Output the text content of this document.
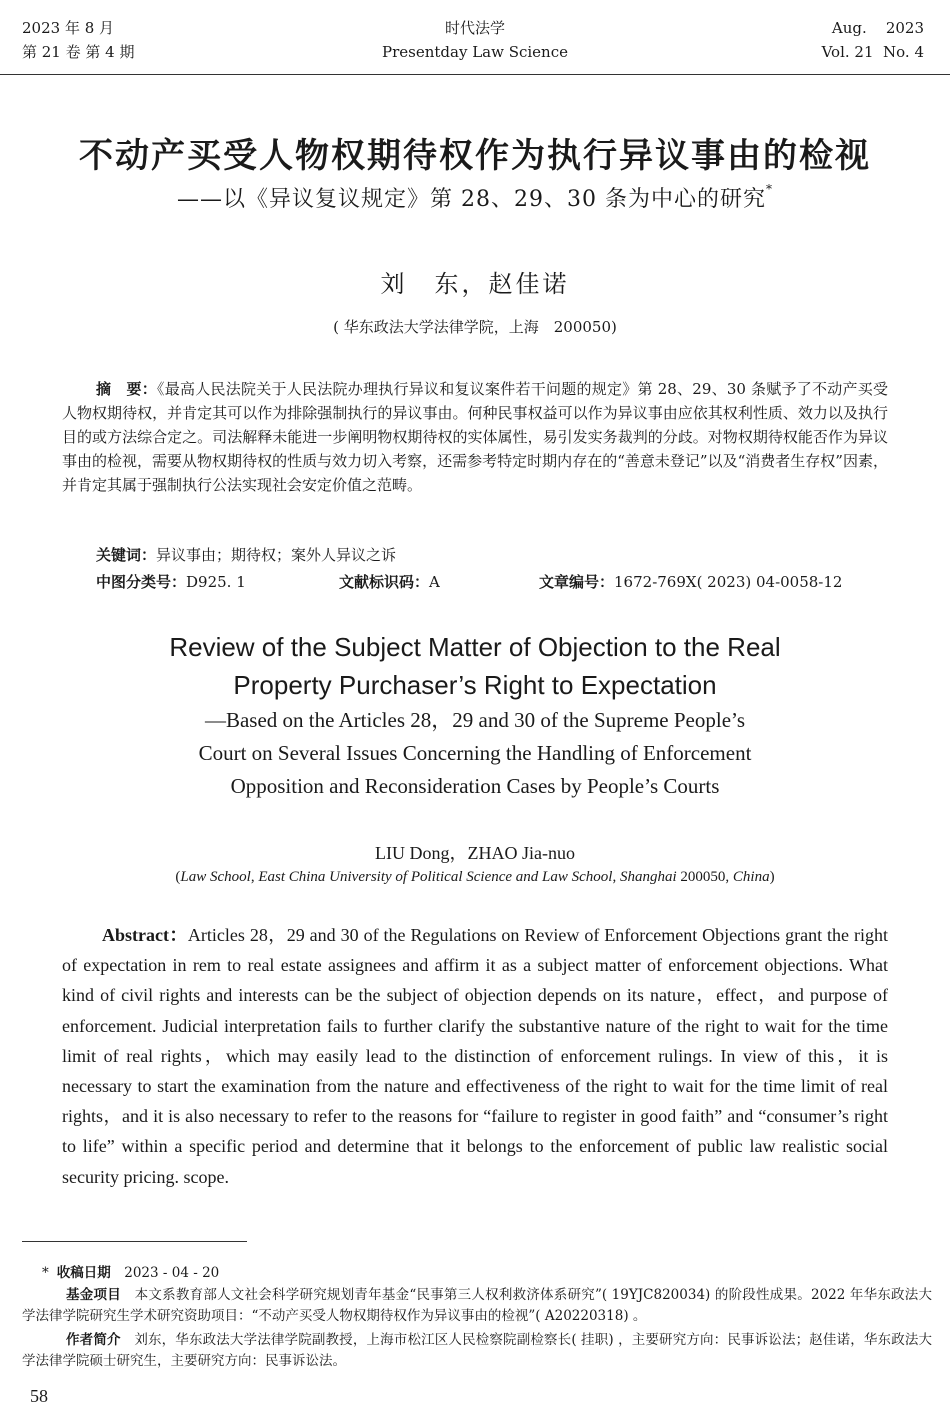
2023 年 8 月
第 21 卷 第 4 期
时代法学
Presentday Law Science
Aug.    2023
Vol. 21  No. 4
不动产买受人物权期待权作为执行异议事由的检视
——以《异议复议规定》第 28、29、30 条为中心的研究*
刘　东，赵佳诺
( 华东政法大学法律学院，上海　200050)
摘　要：《最高人民法院关于人民法院办理执行异议和复议案件若干问题的规定》第 28、29、30 条赋予了不动产买受人物权期待权，并肯定其可以作为排除强制执行的异议事由。何种民事权益可以作为异议事由应依其权利性质、效力以及执行目的或方法综合定之。司法解释未能进一步阐明物权期待权的实体属性，易引发实务裁判的分歧。对物权期待权能否作为异议事由的检视，需要从物权期待权的性质与效力切入考察，还需参考特定时期内存在的“善意未登记”以及“消费者生存权”因素，并肯定其属于强制执行公法实现社会安定价值之范畴。
关键词：异议事由；期待权；案外人异议之诉
中图分类号：D925. 1	文献标识码：A	文章编号：1672-769X( 2023) 04-0058-12
Review of the Subject Matter of Objection to the Real
Property Purchaser’s Right to Expectation
—Based on the Articles 28，29 and 30 of the Supreme People’s
Court on Several Issues Concerning the Handling of Enforcement
Opposition and Reconsideration Cases by People’s Courts
LIU Dong，ZHAO Jia-nuo
(Law School, East China University of Political Science and Law School, Shanghai 200050, China)
Abstract：Articles 28，29 and 30 of the Regulations on Review of Enforcement Objections grant the right of expectation in rem to real estate assignees and affirm it as a subject matter of enforcement objections. What kind of civil rights and interests can be the subject of objection depends on its nature，effect，and purpose of enforcement. Judicial interpretation fails to further clarify the substantive nature of the right to wait for the time limit of real rights，which may easily lead to the distinction of enforcement rulings. In view of this，it is necessary to start the examination from the nature and effectiveness of the right to wait for the time limit of real rights，and it is also necessary to refer to the reasons for “failure to register in good faith” and “consumer’s right to life” within a specific period and determine that it belongs to the enforcement of public law realistic social security pricing. scope.
* 收稿日期　 2023 - 04 - 20
基金项目　 本文系教育部人文社会科学研究规划青年基金“民事第三人权利救济体系研究”( 19YJC820034) 的阶段性成果。2022 年华东政法大学法律学院研究生学术研究资助项目：“不动产买受人物权期待权作为异议事由的检视”( A20220318) 。
作者简介　 刘东，华东政法大学法律学院副教授，上海市松江区人民检察院副检察长( 挂职) ，主要研究方向：民事诉讼法；赵佳诺，华东政法大学法律学院硕士研究生，主要研究方向：民事诉讼法。
58
